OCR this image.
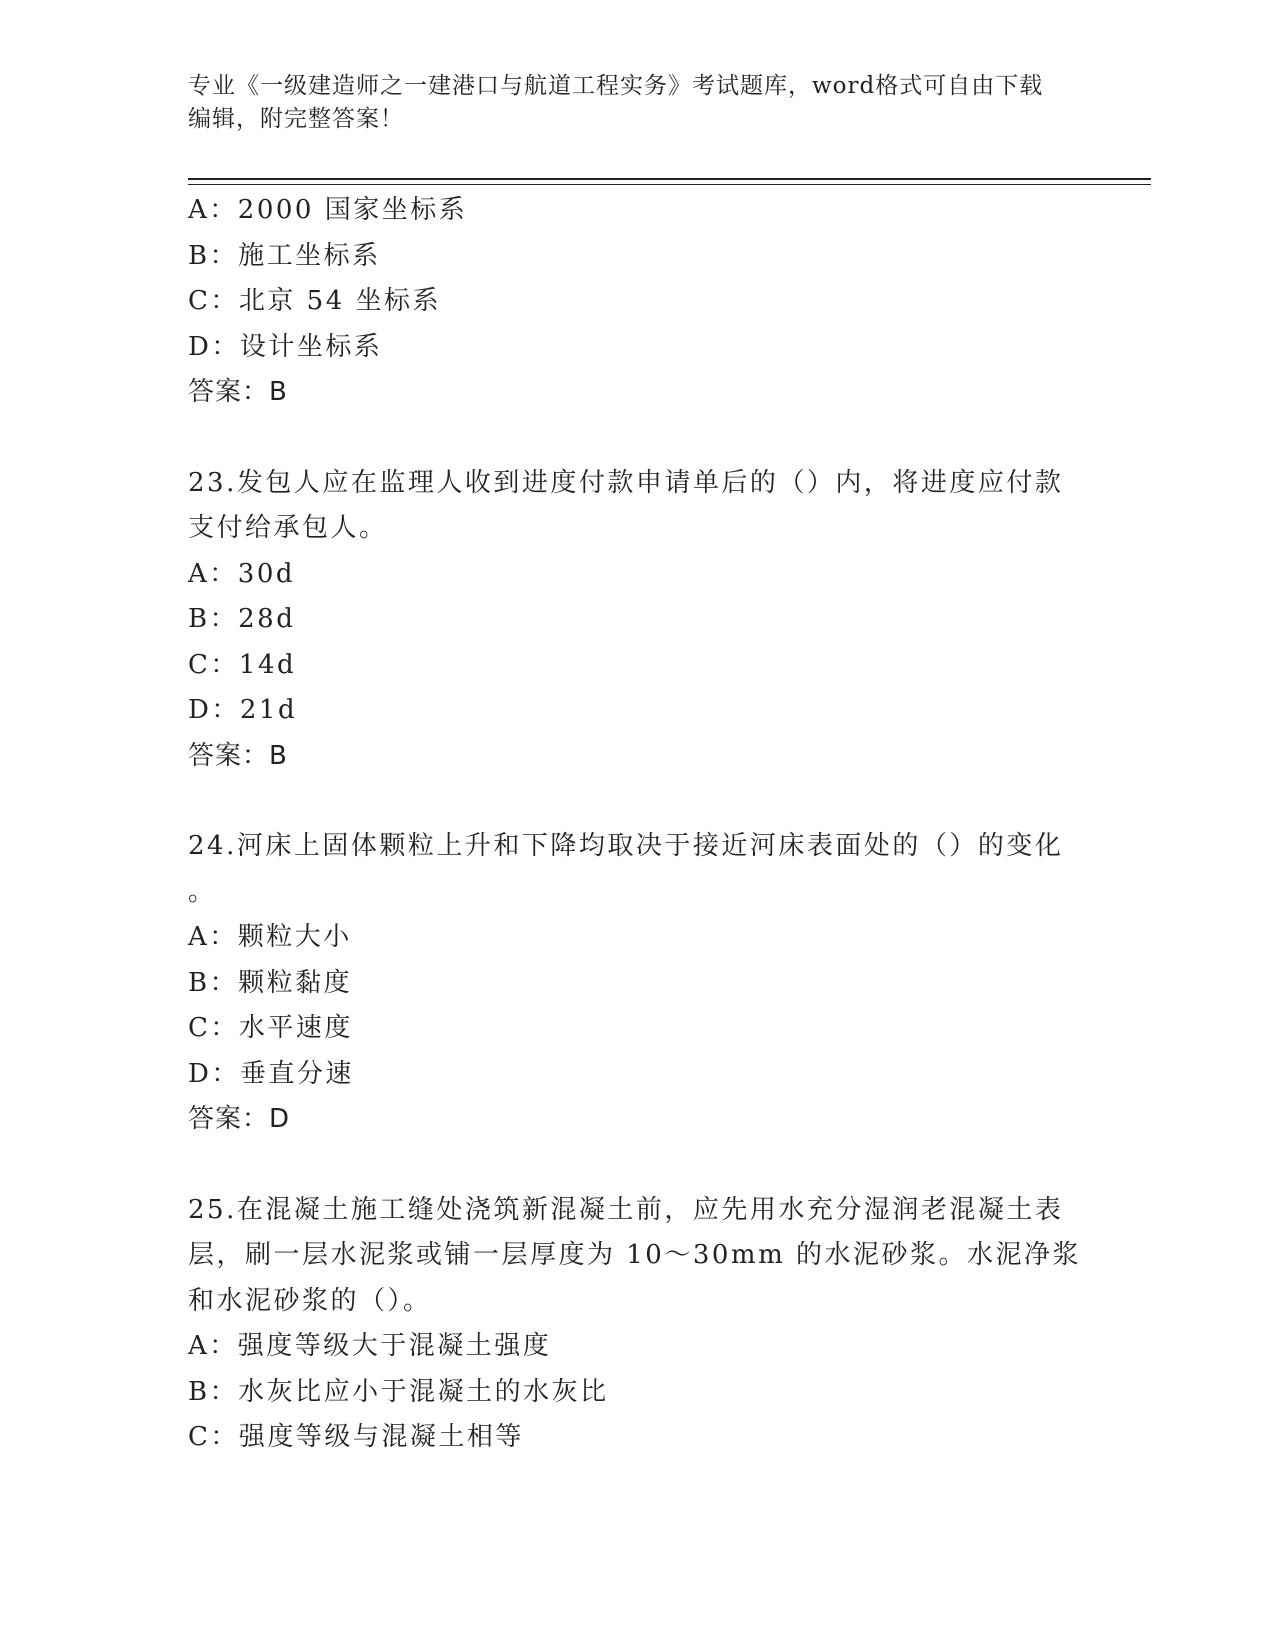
专业《一级建造师之一建港口与航道工程实务》考试题库，word格式可自由下载
编辑，附完整答案！
A：2000 国家坐标系
B：施工坐标系
C：北京 54 坐标系
D：设计坐标系
答案：B
23.发包人应在监理人收到进度付款申请单后的（）内，将进度应付款支付给承包人。
A：30d
B：28d
C：14d
D：21d
答案：B
24.河床上固体颗粒上升和下降均取决于接近河床表面处的（）的变化
。
A：颗粒大小
B：颗粒黏度
C：水平速度
D：垂直分速
答案：D
25.在混凝土施工缝处浇筑新混凝土前，应先用水充分湿润老混凝土表层，刷一层水泥浆或铺一层厚度为 10～30mm 的水泥砂浆。水泥净浆和水泥砂浆的（）。
A：强度等级大于混凝土强度
B：水灰比应小于混凝土的水灰比
C：强度等级与混凝土相等
